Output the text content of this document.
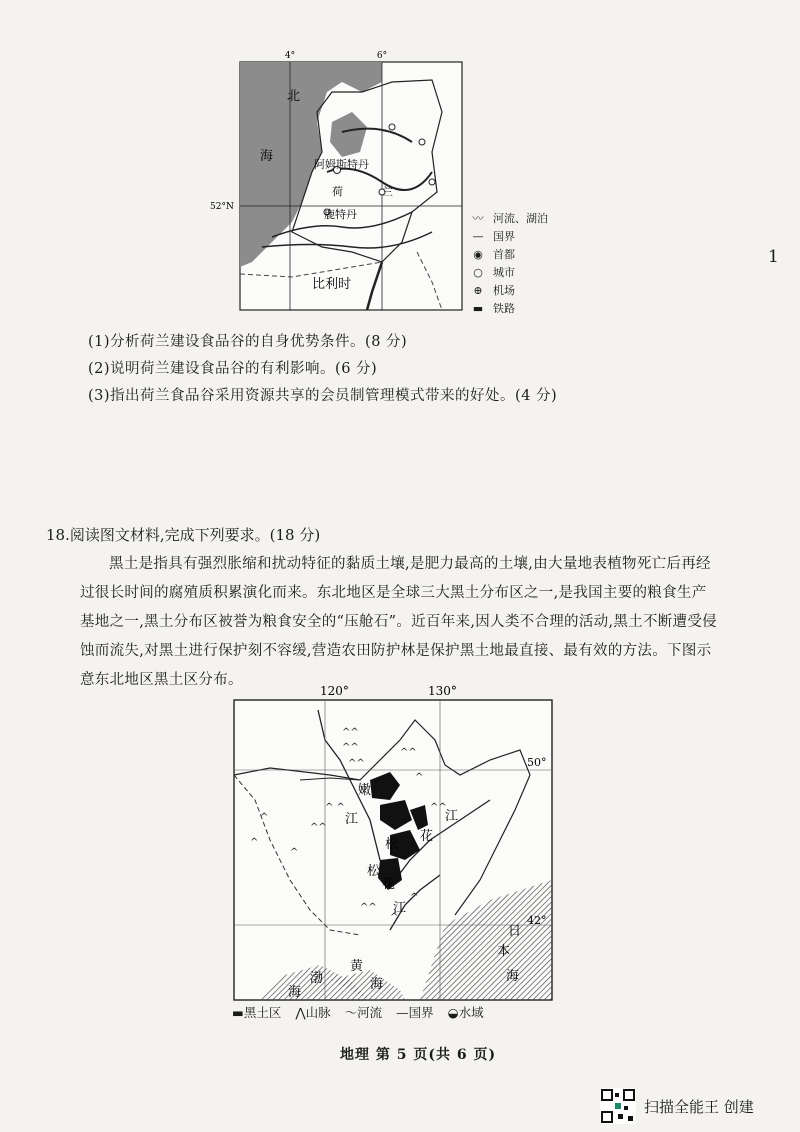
4°	6°
52°N
北
海
阿姆斯特丹
荷	兰
鹿特丹
比利时
〰 河流、湖泊
— 国界
◉ 首都
○ 城市
⊕ 机场
▬ 铁路
1
(1)分析荷兰建设食品谷的自身优势条件。(8 分)
(2)说明荷兰建设食品谷的有利影响。(6 分)
(3)指出荷兰食品谷采用资源共享的会员制管理模式带来的好处。(4 分)
18.阅读图文材料,完成下列要求。(18 分)

黑土是指具有强烈胀缩和扰动特征的黏质土壤,是肥力最高的土壤,由大量地表植物死亡后再经过很长时间的腐殖质积累演化而来。东北地区是全球三大黑土分布区之一,是我国主要的粮食生产基地之一,黑土分布区被誉为粮食安全的“压舱石”。近百年来,因人类不合理的活动,黑土不断遭受侵蚀而流失,对黑土进行保护刻不容缓,营造农田防护林是保护黑土地最直接、最有效的方法。下图示意东北地区黑土区分布。

^^
^^
^^
^ ^
^^
^
^^
^
^^
^^
^
^
^
^
120°	130°
50°
42°
嫩
江
松
花
江
松
花
江
日
本
海
渤
海
黄
海
▬黑土区 ⋀山脉 〜河流 —国界 ◒水域
地理 第 5 页(共 6 页)
扫描全能王 创建
